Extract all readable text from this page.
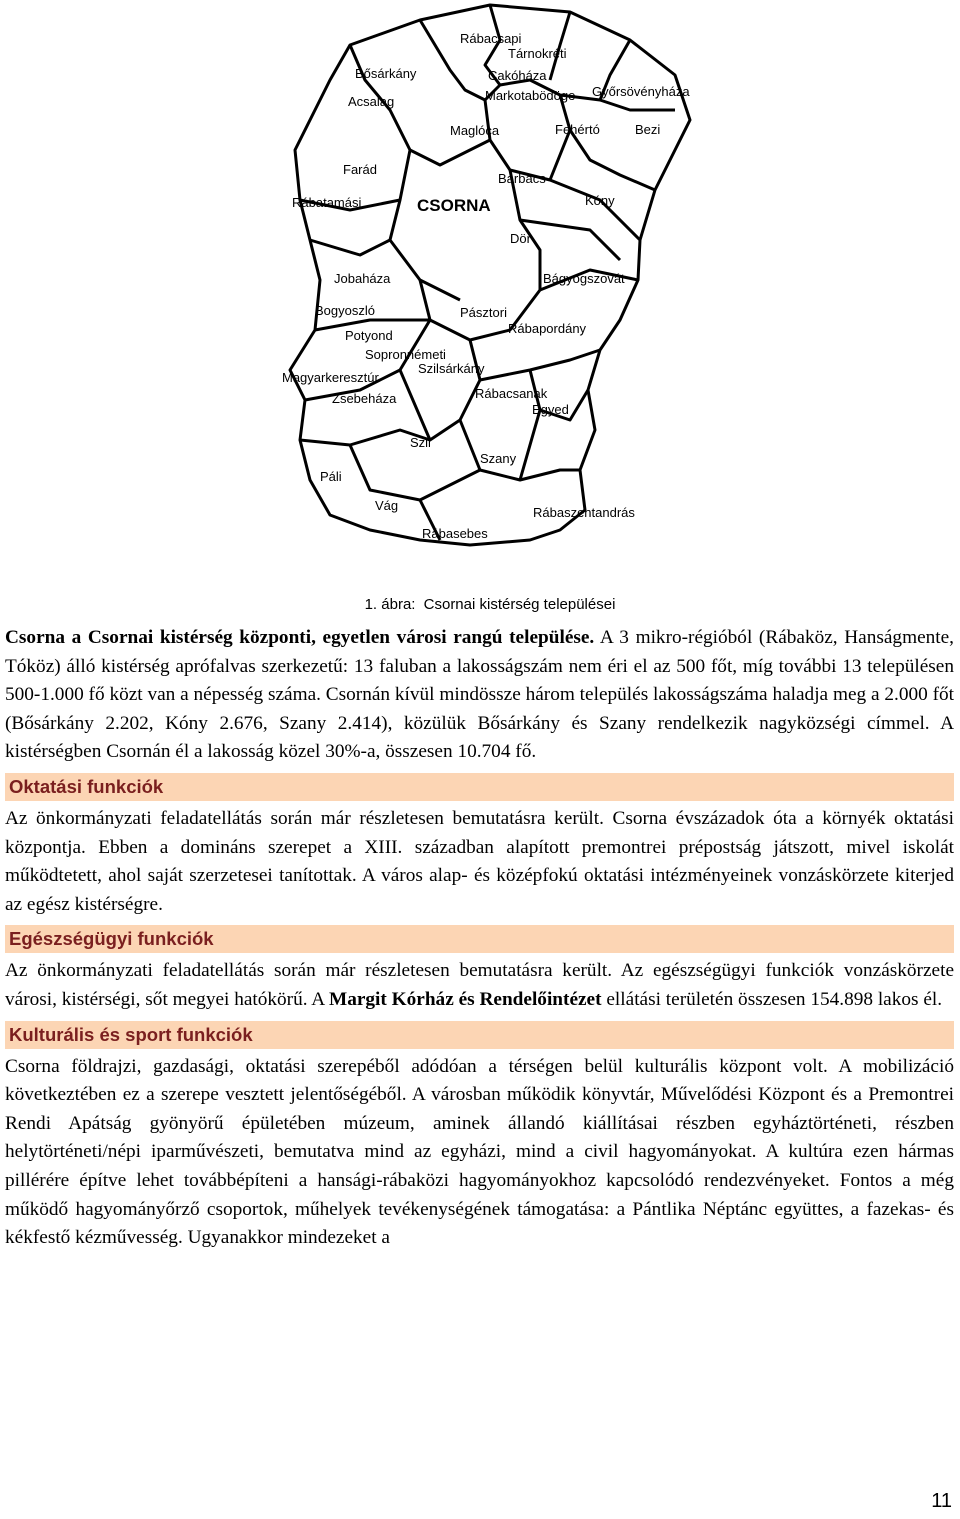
Rábacsapi
Tárnokréti
Bősárkány	Cakóháza
Markotabödöge Győrsövényháza
Acsalag
Maglóca	Fehértó	Bezi
Farád
Barbacs
Rábatamási	CSORNA	Kóny
Dör
Jobaháza	Bágyogszovát
Bogyoszló	Pásztori
Potyond	Rábapordány
Sopronnémeti
Magyarkeresztúr
Szilsárkány
Rábacsanak
Zsebeháza
Egyed
Szil
Szany
Páli
Vág
Rábasebes
Rábaszentandrás
1. ábra: Csornai kistérség települései

Csorna a Csornai kistérség központi, egyetlen városi rangú települése. A 3 mikro-régióból (Rábaköz, Hanságmente, Tóköz) álló kistérség aprófalvas szerkezetű: 13 faluban a lakosságszám nem éri el az 500 főt, míg további 13 településen 500-1.000 fő közt van a népesség száma. Csornán kívül mindössze három település lakosságszáma haladja meg a 2.000 főt (Bősárkány 2.202, Kóny 2.676, Szany 2.414), közülük Bősárkány és Szany rendelkezik nagyközségi címmel. A kistérségben Csornán él a lakosság közel 30%-a, összesen 10.704 fő.

Oktatási funkciók

Az önkormányzati feladatellátás során már részletesen bemutatásra került. Csorna évszázadok óta a környék oktatási központja. Ebben a domináns szerepet a XIII. században alapított premontrei prépostság játszott, mivel iskolát működtetett, ahol saját szerzetesei tanítottak. A város alap- és középfokú oktatási intézményeinek vonzáskörzete kiterjed az egész kistérségre.

Egészségügyi funkciók

Az önkormányzati feladatellátás során már részletesen bemutatásra került. Az egészségügyi funkciók vonzáskörzete városi, kistérségi, sőt megyei hatókörű. A Margit Kórház és Rendelőintézet ellátási területén összesen 154.898 lakos él.

Kulturális és sport funkciók

Csorna földrajzi, gazdasági, oktatási szerepéből adódóan a térségen belül kulturális központ volt. A mobilizáció következtében ez a szerepe vesztett jelentőségéből. A városban működik könyvtár, Művelődési Központ és a Premontrei Rendi Apátság gyönyörű épületében múzeum, aminek állandó kiállításai részben egyháztörténeti, részben helytörténeti/népi iparművészeti, bemutatva mind az egyházi, mind a civil hagyományokat. A kultúra ezen hármas pillérére építve lehet továbbépíteni a hansági-rábaközi hagyományokhoz kapcsolódó rendezvényeket. Fontos a még működő hagyományőrző csoportok, műhelyek tevékenységének támogatása: a Pántlika Néptánc együttes, a fazekas- és kékfestő kézművesség. Ugyanakkor mindezeket a

11
